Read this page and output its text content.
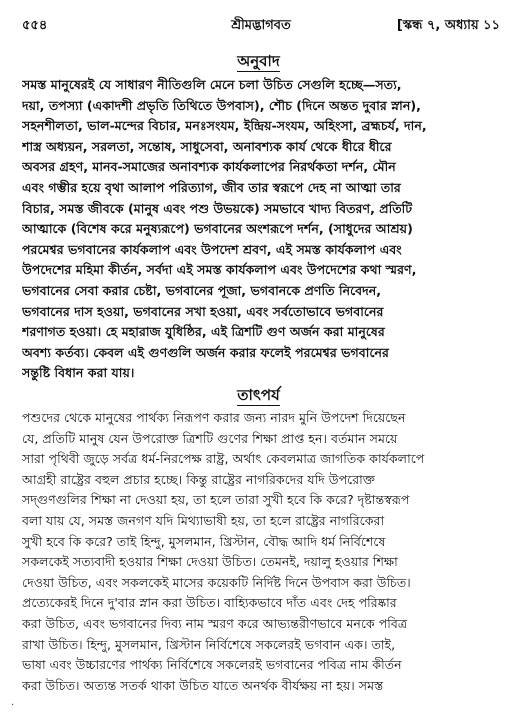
৫৫৪	শ্রীমদ্ভাগবত	[স্কন্ধ ৭, অধ্যায় ১১
অনুবাদ
সমস্ত মানুষেরই যে সাধারণ নীতিগুলি মেনে চলা উচিত সেগুলি হচ্ছে—সত্য,
দয়া, তপস্যা (একাদশী প্রভৃতি তিথিতে উপবাস), শৌচ (দিনে অন্তত দুবার স্নান),
সহনশীলতা, ভাল-মন্দের বিচার, মনঃসংযম, ইন্দ্রিয়-সংযম, অহিংসা, ব্রহ্মচর্য, দান,
শাস্ত্র অধ্যয়ন, সরলতা, সন্তোষ, সাধুসেবা, অনাবশ্যক কার্য থেকে ধীরে ধীরে
অবসর গ্রহণ, মানব-সমাজের অনাবশ্যক কার্যকলাপের নিরর্থকতা দর্শন, মৌন
এবং গম্ভীর হয়ে বৃথা আলাপ পরিত্যাগ, জীব তার স্বরূপে দেহ না আত্মা তার
বিচার, সমস্ত জীবকে (মানুষ এবং পশু উভয়কে) সমভাবে খাদ্য বিতরণ, প্রতিটি
আত্মাকে (বিশেষ করে মনুষ্যরূপে) ভগবানের অংশরূপে দর্শন, (সাধুদের আশ্রয়)
পরমেশ্বর ভগবানের কার্যকলাপ এবং উপদেশ শ্রবণ, এই সমস্ত কার্যকলাপ এবং
উপদেশের মহিমা কীর্তন, সর্বদা এই সমস্ত কার্যকলাপ এবং উপদেশের কথা স্মরণ,
ভগবানের সেবা করার চেষ্টা, ভগবানের পূজা, ভগবানকে প্রণতি নিবেদন,
ভগবানের দাস হওয়া, ভগবানের সখা হওয়া, এবং সর্বতোভাবে ভগবানের
শরণাগত হওয়া। হে মহারাজ যুধিষ্ঠির, এই ত্রিশটি গুণ অর্জন করা মানুষের
অবশ্য কর্তব্য। কেবল এই গুণগুলি অর্জন করার ফলেই পরমেশ্বর ভগবানের
সন্তুষ্টি বিধান করা যায়।
তাৎপর্য
পশুদের থেকে মানুষের পার্থক্য নিরূপণ করার জন্য নারদ মুনি উপদেশ দিয়েছেন
যে, প্রতিটি মানুষ যেন উপরোক্ত ত্রিশটি গুণের শিক্ষা প্রাপ্ত হন। বর্তমান সময়ে
সারা পৃথিবী জুড়ে সর্বত্র ধর্ম-নিরপেক্ষ রাষ্ট্র, অর্থাৎ কেবলমাত্র জাগতিক কার্যকলাপে
আগ্রহী রাষ্ট্রের বহুল প্রচার হচ্ছে। কিন্তু রাষ্ট্রের নাগরিকদের যদি উপরোক্ত
সদ্গুণগুলির শিক্ষা না দেওয়া হয়, তা হলে তারা সুখী হবে কি করে? দৃষ্টান্তস্বরূপ
বলা যায় যে, সমস্ত জনগণ যদি মিথ্যাভাষী হয়, তা হলে রাষ্ট্রের নাগরিকেরা
সুখী হবে কি করে? তাই হিন্দু, মুসলমান, খ্রিস্টান, বৌদ্ধ আদি ধর্ম নির্বিশেষে
সকলকেই সত্যবাদী হওয়ার শিক্ষা দেওয়া উচিত। তেমনই, দয়ালু হওয়ার শিক্ষা
দেওয়া উচিত, এবং সকলকেই মাসের কয়েকটি নির্দিষ্ট দিনে উপবাস করা উচিত।
প্রত্যেকেরই দিনে দু'বার স্নান করা উচিত। বাহ্যিকভাবে দাঁত এবং দেহ পরিষ্কার
করা উচিত, এবং ভগবানের দিব্য নাম স্মরণ করে আভ্যন্তরীণভাবে মনকে পবিত্র
রাখা উচিত। হিন্দু, মুসলমান, খ্রিস্টান নির্বিশেষে সকলেরই ভগবান এক। তাই,
ভাষা এবং উচ্চারণের পার্থক্য নির্বিশেষে সকলেরই ভগবানের পবিত্র নাম কীর্তন
করা উচিত। অত্যন্ত সতর্ক থাকা উচিত যাতে অনর্থক বীর্যক্ষয় না হয়। সমস্ত
·
